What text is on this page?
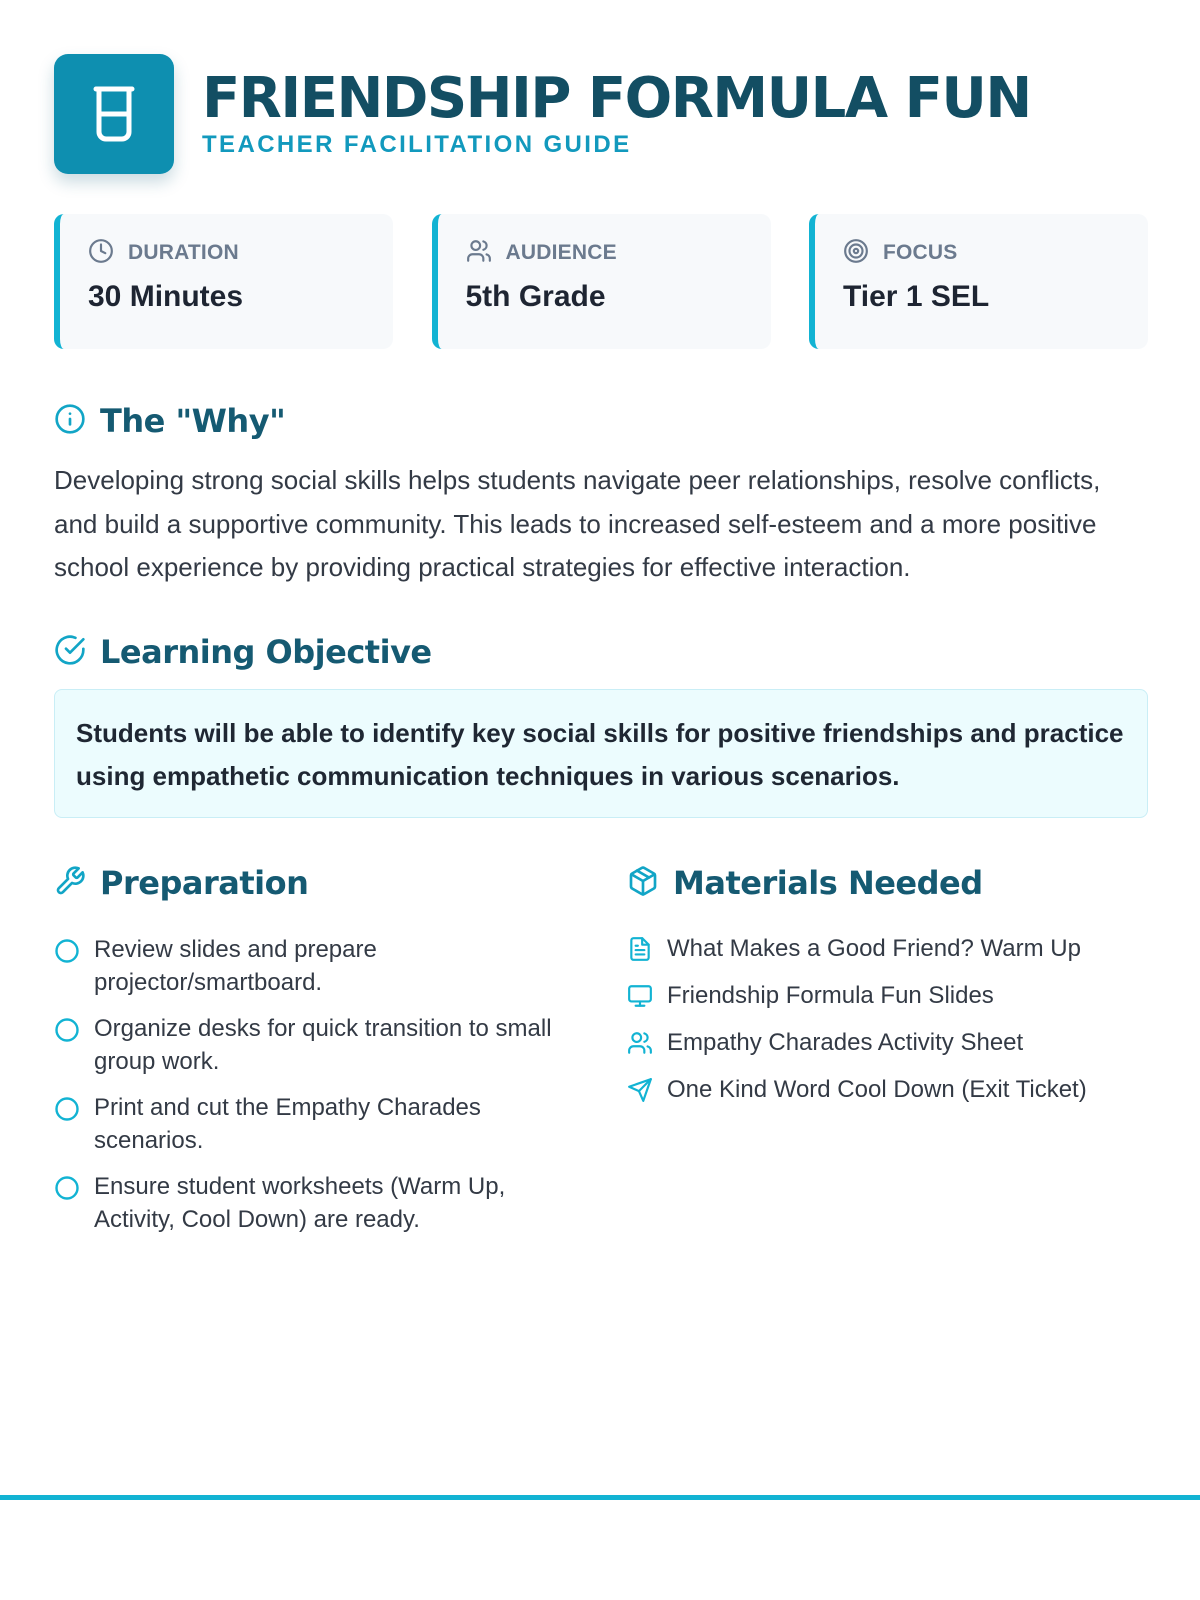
FRIENDSHIP FORMULA FUN
TEACHER FACILITATION GUIDE
DURATION
30 Minutes
AUDIENCE
5th Grade
FOCUS
Tier 1 SEL
The "Why"

Developing strong social skills helps students navigate peer relationships, resolve conflicts, and build a supportive community. This leads to increased self-esteem and a more positive school experience by providing practical strategies for effective interaction.

Learning Objective

Students will be able to identify key social skills for positive friendships and practice using empathetic communication techniques in various scenarios.

Preparation
Review slides and prepare projector/smartboard.
Organize desks for quick transition to small group work.
Print and cut the Empathy Charades scenarios.
Ensure student worksheets (Warm Up, Activity, Cool Down) are ready.
Materials Needed
What Makes a Good Friend? Warm Up
Friendship Formula Fun Slides
Empathy Charades Activity Sheet
One Kind Word Cool Down (Exit Ticket)
